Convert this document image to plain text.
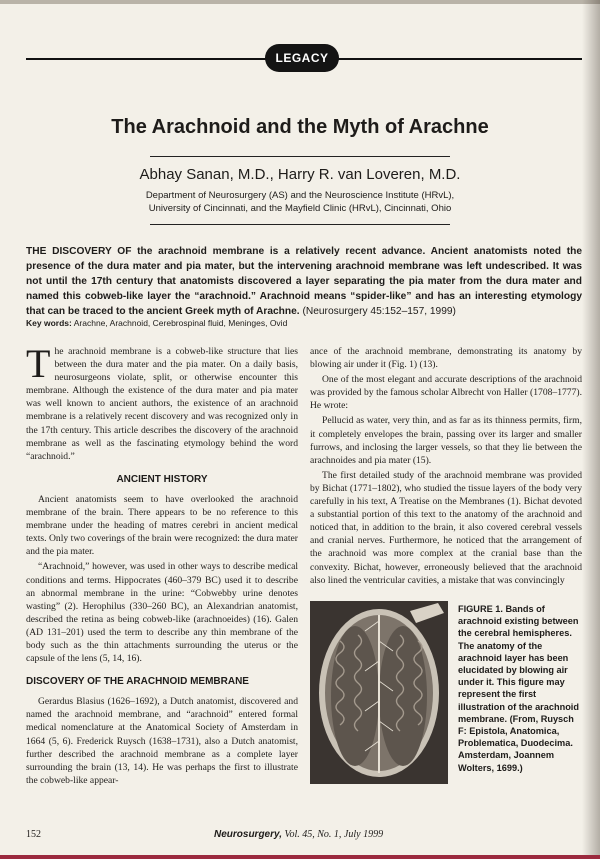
LEGACY
The Arachnoid and the Myth of Arachne
Abhay Sanan, M.D., Harry R. van Loveren, M.D.
Department of Neurosurgery (AS) and the Neuroscience Institute (HRvL),
University of Cincinnati, and the Mayfield Clinic (HRvL), Cincinnati, Ohio
THE DISCOVERY OF the arachnoid membrane is a relatively recent advance. Ancient anatomists noted the presence of the dura mater and pia mater, but the intervening arachnoid membrane was left undescribed. It was not until the 17th century that anatomists discovered a layer separating the pia mater from the dura mater and named this cobweb-like layer the “arachnoid.” Arachnoid means “spider-like” and has an interesting etymology that can be traced to the ancient Greek myth of Arachne. (Neurosurgery 45:152–157, 1999)
Key words: Arachne, Arachnoid, Cerebrospinal fluid, Meninges, Ovid

The arachnoid membrane is a cobweb-like structure that lies between the dura mater and the pia mater. On a daily basis, neurosurgeons violate, split, or otherwise encounter this membrane. Although the existence of the dura mater and pia mater was well known to ancient authors, the existence of an arachnoid membrane is a relatively recent discovery and was recognized only in the 17th century. This article describes the discovery of the arachnoid membrane as well as the fascinating etymology behind the word “arachnoid.”

ANCIENT HISTORY

Ancient anatomists seem to have overlooked the arachnoid membrane of the brain. There appears to be no reference to this membrane under the heading of matres cerebri in ancient medical texts. Only two coverings of the brain were recognized: the dura mater and the pia mater.

“Arachnoid,” however, was used in other ways to describe medical conditions and terms. Hippocrates (460–379 BC) used it to describe an abnormal membrane in the urine: “Cobwebby urine denotes wasting” (2). Herophilus (330–260 BC), an Alexandrian anatomist, described the retina as being cobweb-like (arachnoeides) (16). Galen (AD 131–201) used the term to describe any thin membrane of the body such as the thin attachments surrounding the uterus or the capsule of the lens (5, 14, 16).

DISCOVERY OF THE ARACHNOID MEMBRANE

Gerardus Blasius (1626–1692), a Dutch anatomist, discovered and named the arachnoid membrane, and “arachnoid” entered formal medical nomenclature at the Anatomical Society of Amsterdam in 1664 (5, 6). Frederick Ruysch (1638–1731), also a Dutch anatomist, further described the arachnoid membrane as a complete layer surrounding the brain (13, 14). He was perhaps the first to illustrate the cobweb-like appear-

ance of the arachnoid membrane, demonstrating its anatomy by blowing air under it (Fig. 1) (13).

One of the most elegant and accurate descriptions of the arachnoid was provided by the famous scholar Albrecht von Haller (1708–1777). He wrote:

Pellucid as water, very thin, and as far as its thinness permits, firm, it completely envelopes the brain, passing over its larger and smaller furrows, and inclosing the larger vessels, so that they lie between the arachnoides and pia mater (15).

The first detailed study of the arachnoid membrane was provided by Bichat (1771–1802), who studied the tissue layers of the body very carefully in his text, A Treatise on the Membranes (1). Bichat devoted a substantial portion of this text to the anatomy of the arachnoid and noticed that, in addition to the brain, it also covered cerebral vessels and cranial nerves. Furthermore, he noticed that the arrangement of the arachnoid was more complex at the cranial base than the convexity. Bichat, however, erroneously believed that the arachnoid also lined the ventricular cavities, a mistake that was convincingly

FIGURE 1. Bands of arachnoid existing between the cerebral hemispheres. The anatomy of the arachnoid layer has been elucidated by blowing air under it. This figure may represent the first illustration of the arachnoid membrane. (From, Ruysch F: Epistola, Anatomica, Problematica, Duodecima. Amsterdam, Joannem Wolters, 1699.)
152	Neurosurgery, Vol. 45, No. 1, July 1999
